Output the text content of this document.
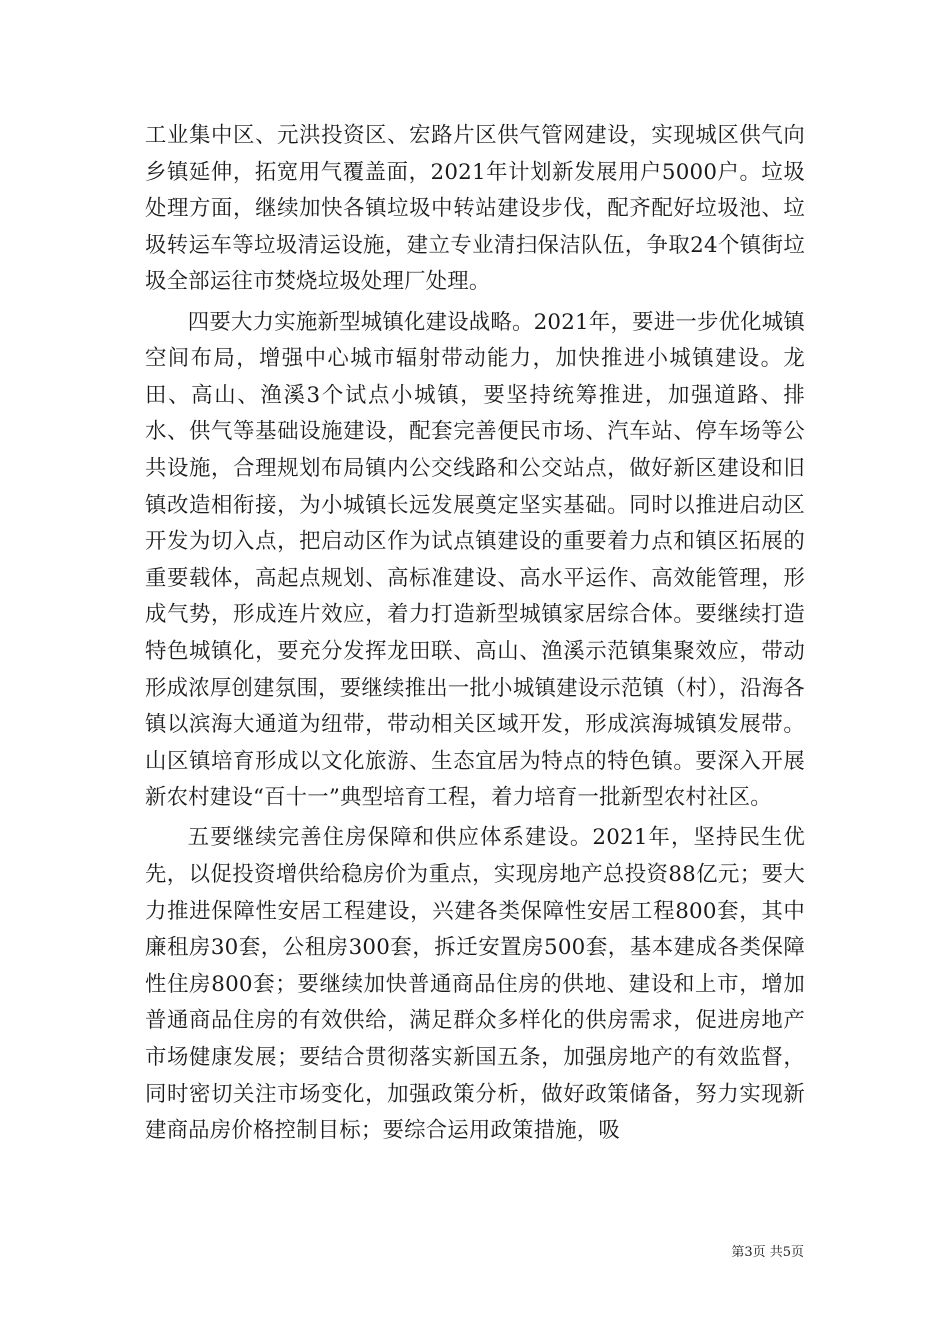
工业集中区、元洪投资区、宏路片区供气管网建设，实现城区供气向乡镇延伸，拓宽用气覆盖面，2021年计划新发展用户5000户。垃圾处理方面，继续加快各镇垃圾中转站建设步伐，配齐配好垃圾池、垃圾转运车等垃圾清运设施，建立专业清扫保洁队伍，争取24个镇街垃圾全部运往市焚烧垃圾处理厂处理。

四要大力实施新型城镇化建设战略。2021年，要进一步优化城镇空间布局，增强中心城市辐射带动能力，加快推进小城镇建设。龙田、高山、渔溪3个试点小城镇，要坚持统筹推进，加强道路、排水、供气等基础设施建设，配套完善便民市场、汽车站、停车场等公共设施，合理规划布局镇内公交线路和公交站点，做好新区建设和旧镇改造相衔接，为小城镇长远发展奠定坚实基础。同时以推进启动区开发为切入点，把启动区作为试点镇建设的重要着力点和镇区拓展的重要载体，高起点规划、高标准建设、高水平运作、高效能管理，形成气势，形成连片效应，着力打造新型城镇家居综合体。要继续打造特色城镇化，要充分发挥龙田联、高山、渔溪示范镇集聚效应，带动形成浓厚创建氛围，要继续推出一批小城镇建设示范镇（村），沿海各镇以滨海大通道为纽带，带动相关区域开发，形成滨海城镇发展带。山区镇培育形成以文化旅游、生态宜居为特点的特色镇。要深入开展新农村建设“百十一”典型培育工程，着力培育一批新型农村社区。

五要继续完善住房保障和供应体系建设。2021年，坚持民生优先，以促投资增供给稳房价为重点，实现房地产总投资88亿元；要大力推进保障性安居工程建设，兴建各类保障性安居工程800套，其中廉租房30套，公租房300套，拆迁安置房500套，基本建成各类保障性住房800套；要继续加快普通商品住房的供地、建设和上市，增加普通商品住房的有效供给，满足群众多样化的供房需求，促进房地产市场健康发展；要结合贯彻落实新国五条，加强房地产的有效监督，同时密切关注市场变化，加强政策分析，做好政策储备，努力实现新建商品房价格控制目标；要综合运用政策措施，吸

第3页 共5页
